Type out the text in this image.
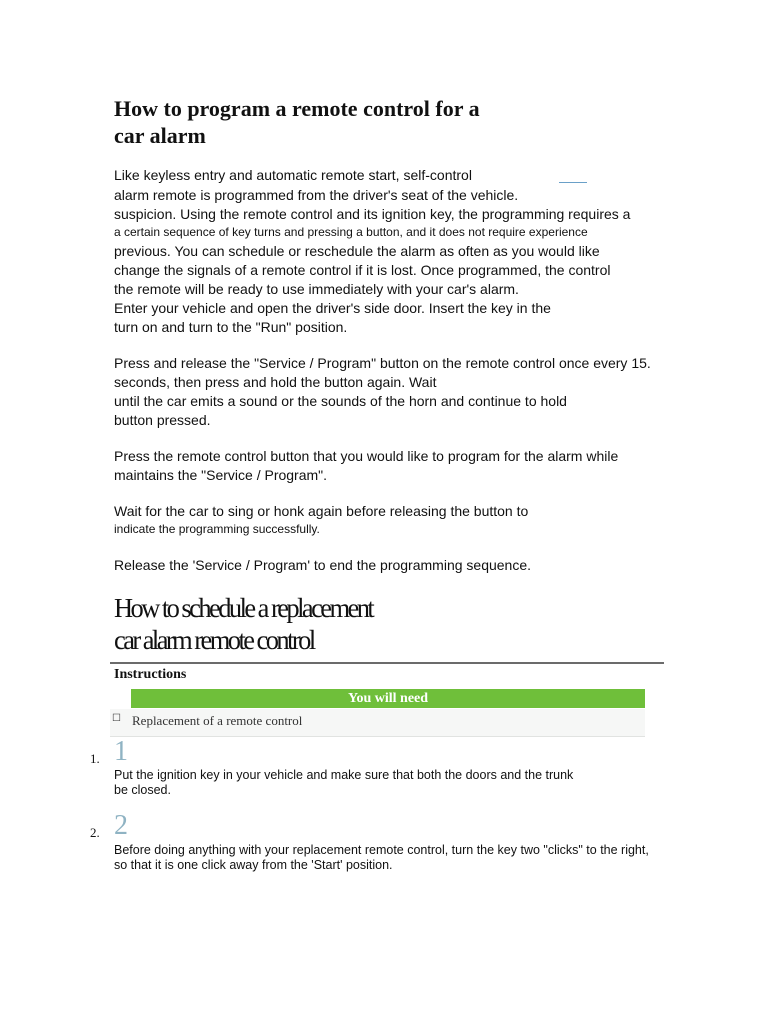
How to program a remote control for a
car alarm
Like keyless entry and automatic remote start, self-control
alarm remote is programmed from the driver's seat of the vehicle.
suspicion. Using the remote control and its ignition key, the programming requires a
a certain sequence of key turns and pressing a button, and it does not require experience
previous. You can schedule or reschedule the alarm as often as you would like
change the signals of a remote control if it is lost. Once programmed, the control
the remote will be ready to use immediately with your car's alarm.
Enter your vehicle and open the driver's side door. Insert the key in the
turn on and turn to the "Run" position.
Press and release the "Service / Program" button on the remote control once every 15.
seconds, then press and hold the button again. Wait
until the car emits a sound or the sounds of the horn and continue to hold
button pressed.
Press the remote control button that you would like to program for the alarm while
maintains the "Service / Program".
Wait for the car to sing or honk again before releasing the button to
indicate the programming successfully.
Release the 'Service / Program' to end the programming sequence.
How to schedule a replacement
car alarm remote control
Instructions
You will need
☐ Replacement of a remote control
1. 1
Put the ignition key in your vehicle and make sure that both the doors and the trunk
be closed.
2. 2
Before doing anything with your replacement remote control, turn the key two "clicks" to the right,
so that it is one click away from the 'Start' position.
